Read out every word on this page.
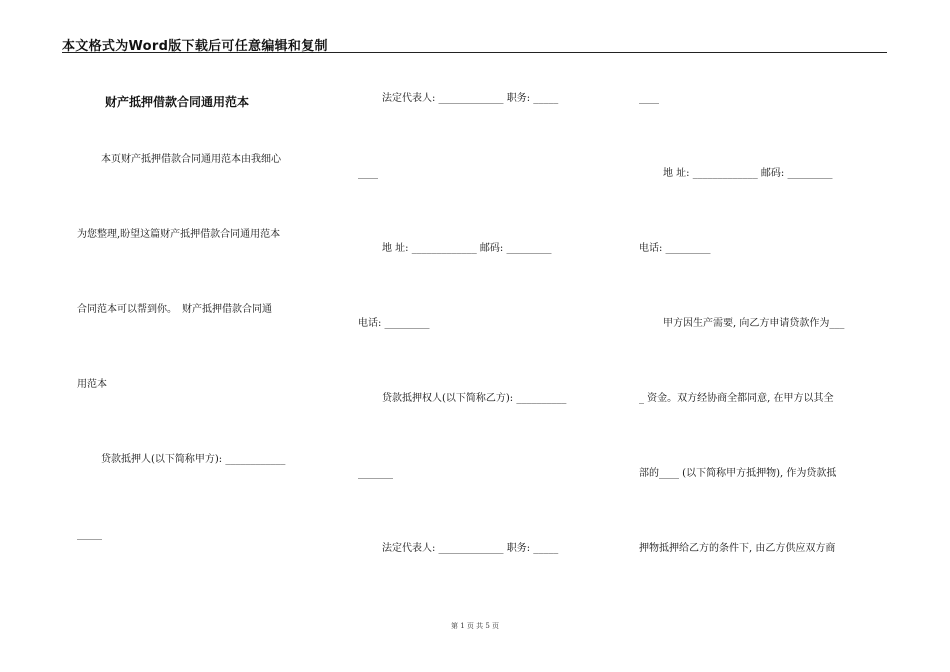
本文格式为Word版下载后可任意编辑和复制
财产抵押借款合同通用范本
本页财产抵押借款合同通用范本由我细心
为您整理,盼望这篇财产抵押借款合同通用范本
合同范本可以帮到你。　财产抵押借款合同通
用范本
贷款抵押人(以下简称甲方): ____________
_____
法定代表人: _____________ 职务: _____
____
地 址: _____________ 邮码: _________
电话: _________
贷款抵押权人(以下简称乙方): __________
_______
法定代表人: _____________ 职务: _____
____
地 址: _____________ 邮码: _________
电话: _________
甲方因生产需要, 向乙方申请贷款作为___
_ 资金。双方经协商全都同意, 在甲方以其全
部的____ (以下简称甲方抵押物), 作为贷款抵
押物抵押给乙方的条件下, 由乙方供应双方商
第 1 页 共 5 页
